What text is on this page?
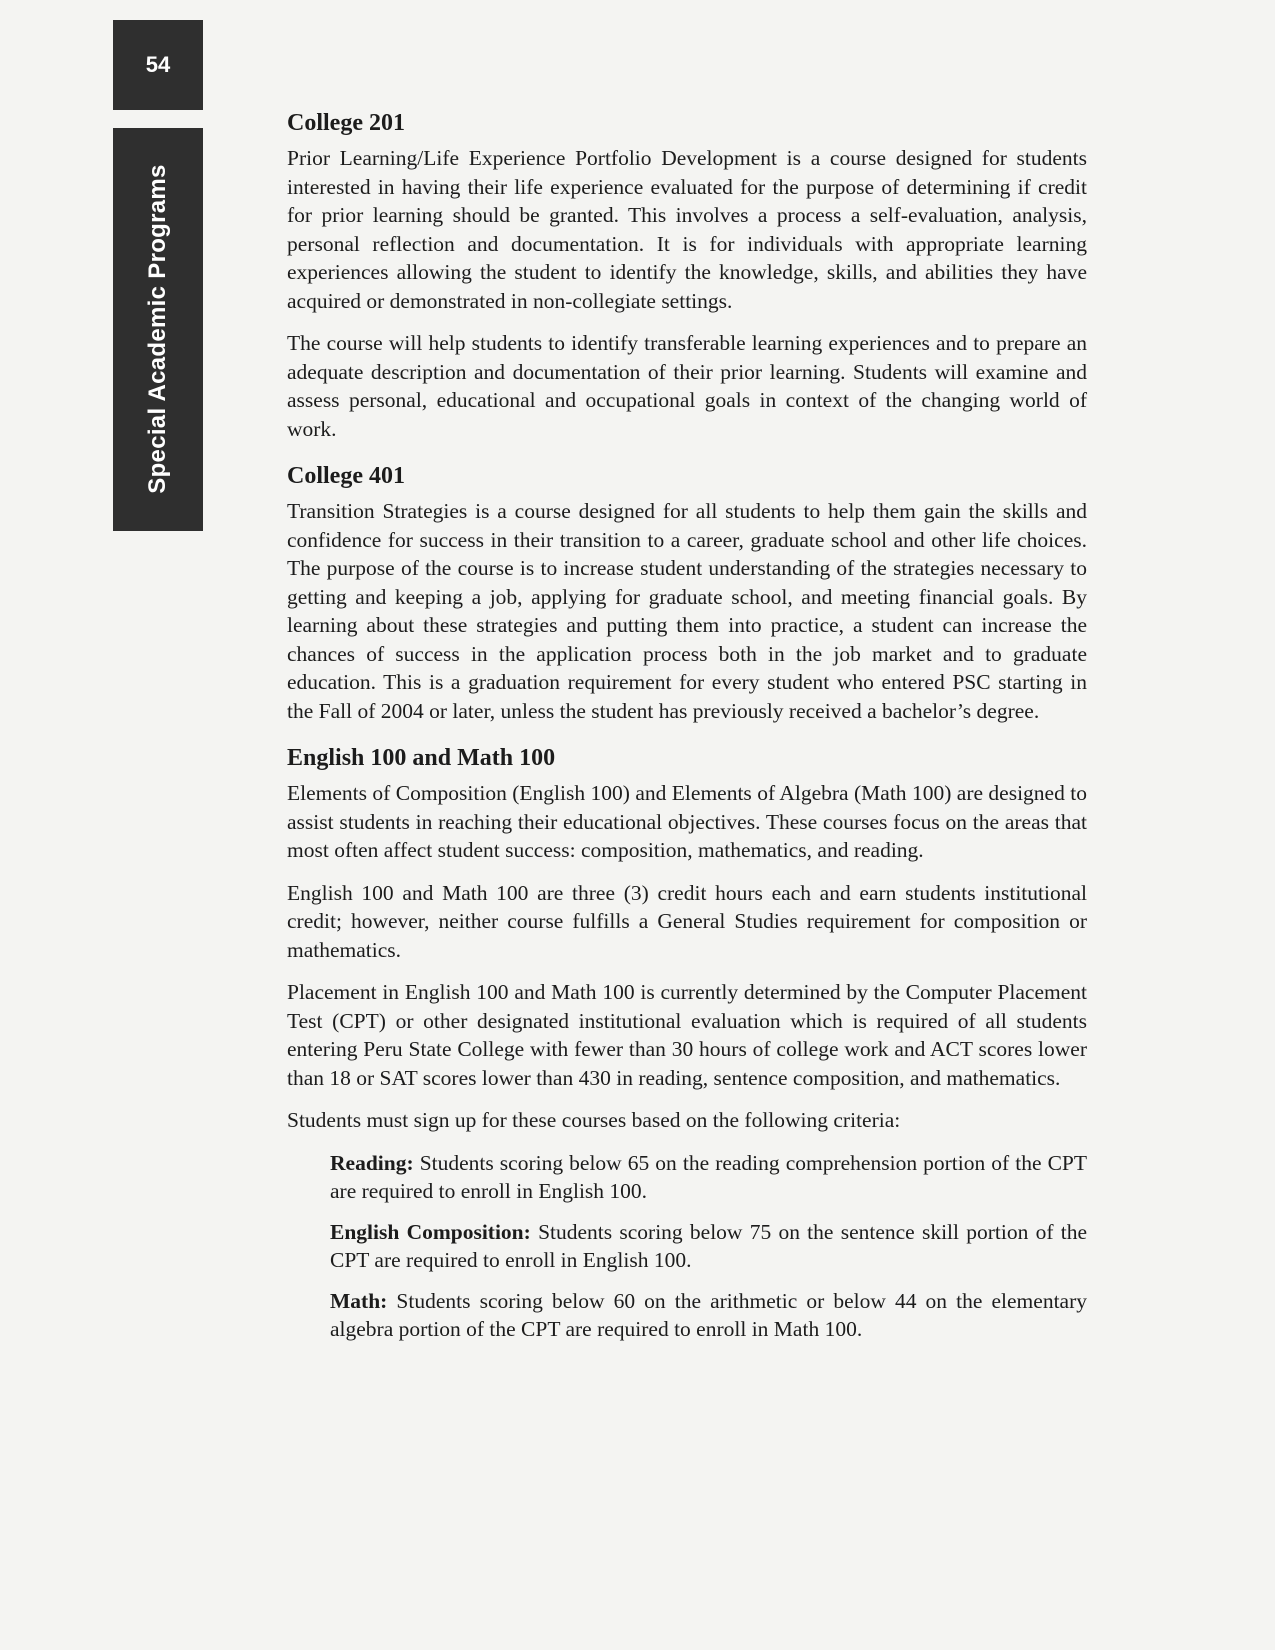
54
Special Academic Programs
College 201

Prior Learning/Life Experience Portfolio Development is a course designed for students interested in having their life experience evaluated for the purpose of determining if credit for prior learning should be granted. This involves a process a self-evaluation, analysis, personal reflection and documentation. It is for individuals with appropriate learning experiences allowing the student to identify the knowledge, skills, and abilities they have acquired or demonstrated in non-collegiate settings.

The course will help students to identify transferable learning experiences and to prepare an adequate description and documentation of their prior learning. Students will examine and assess personal, educational and occupational goals in context of the changing world of work.

College 401

Transition Strategies is a course designed for all students to help them gain the skills and confidence for success in their transition to a career, graduate school and other life choices. The purpose of the course is to increase student understanding of the strategies necessary to getting and keeping a job, applying for graduate school, and meeting financial goals. By learning about these strategies and putting them into practice, a student can increase the chances of success in the application process both in the job market and to graduate education. This is a graduation requirement for every student who entered PSC starting in the Fall of 2004 or later, unless the student has previously received a bachelor’s degree.

English 100 and Math 100

Elements of Composition (English 100) and Elements of Algebra (Math 100) are designed to assist students in reaching their educational objectives. These courses focus on the areas that most often affect student success: composition, mathematics, and reading.

English 100 and Math 100 are three (3) credit hours each and earn students institutional credit; however, neither course fulfills a General Studies requirement for composition or mathematics.

Placement in English 100 and Math 100 is currently determined by the Computer Placement Test (CPT) or other designated institutional evaluation which is required of all students entering Peru State College with fewer than 30 hours of college work and ACT scores lower than 18 or SAT scores lower than 430 in reading, sentence composition, and mathematics.

Students must sign up for these courses based on the following criteria:

Reading: Students scoring below 65 on the reading comprehension portion of the CPT are required to enroll in English 100.

English Composition: Students scoring below 75 on the sentence skill portion of the CPT are required to enroll in English 100.

Math: Students scoring below 60 on the arithmetic or below 44 on the elementary algebra portion of the CPT are required to enroll in Math 100.
